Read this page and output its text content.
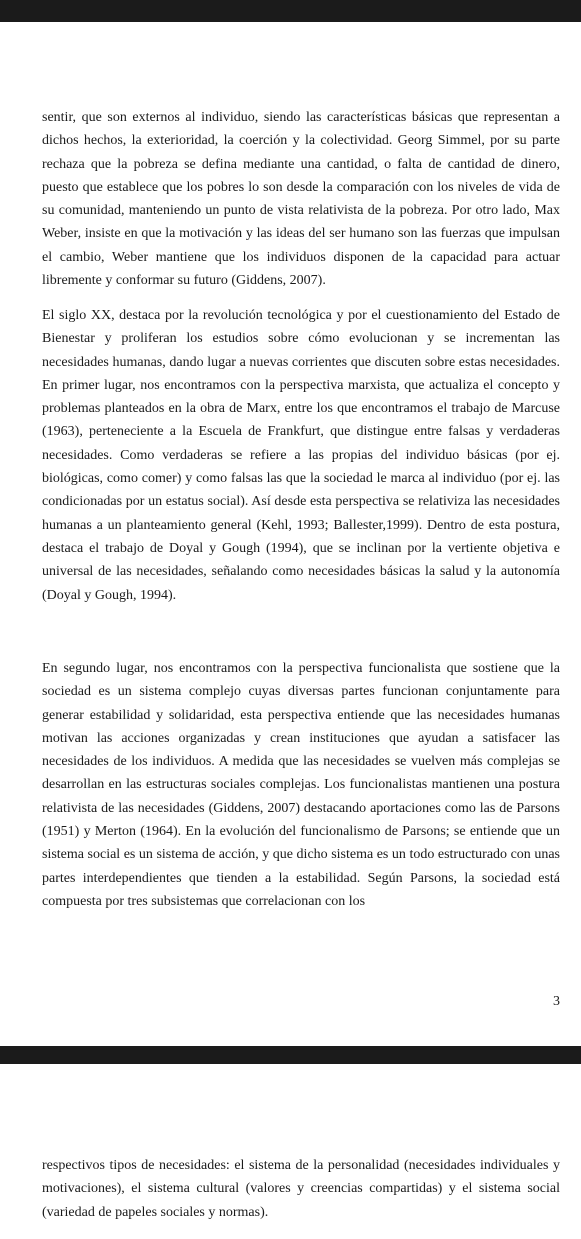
sentir, que son externos al individuo, siendo las características básicas que representan a dichos hechos, la exterioridad, la coerción y la colectividad. Georg Simmel, por su parte rechaza que la pobreza se defina mediante una cantidad, o falta de cantidad de dinero, puesto que establece que los pobres lo son desde la comparación con los niveles de vida de su comunidad, manteniendo un punto de vista relativista de la pobreza. Por otro lado, Max Weber, insiste en que la motivación y las ideas del ser humano son las fuerzas que impulsan el cambio, Weber mantiene que los individuos disponen de la capacidad para actuar libremente y conformar su futuro (Giddens, 2007).

El siglo XX, destaca por la revolución tecnológica y por el cuestionamiento del Estado de Bienestar y proliferan los estudios sobre cómo evolucionan y se incrementan las necesidades humanas, dando lugar a nuevas corrientes que discuten sobre estas necesidades. En primer lugar, nos encontramos con la perspectiva marxista, que actualiza el concepto y problemas planteados en la obra de Marx, entre los que encontramos el trabajo de Marcuse (1963), perteneciente a la Escuela de Frankfurt, que distingue entre falsas y verdaderas necesidades. Como verdaderas se refiere a las propias del individuo básicas (por ej. biológicas, como comer) y como falsas las que la sociedad le marca al individuo (por ej. las condicionadas por un estatus social). Así desde esta perspectiva se relativiza las necesidades humanas a un planteamiento general (Kehl, 1993; Ballester,1999). Dentro de esta postura, destaca el trabajo de Doyal y Gough (1994), que se inclinan por la vertiente objetiva e universal de las necesidades, señalando como necesidades básicas la salud y la autonomía (Doyal y Gough, 1994).

En segundo lugar, nos encontramos con la perspectiva funcionalista que sostiene que la sociedad es un sistema complejo cuyas diversas partes funcionan conjuntamente para generar estabilidad y solidaridad, esta perspectiva entiende que las necesidades humanas motivan las acciones organizadas y crean instituciones que ayudan a satisfacer las necesidades de los individuos. A medida que las necesidades se vuelven más complejas se desarrollan en las estructuras sociales complejas. Los funcionalistas mantienen una postura relativista de las necesidades (Giddens, 2007) destacando aportaciones como las de Parsons (1951) y Merton (1964). En la evolución del funcionalismo de Parsons; se entiende que un sistema social es un sistema de acción, y que dicho sistema es un todo estructurado con unas partes interdependientes que tienden a la estabilidad. Según Parsons, la sociedad está compuesta por tres subsistemas que correlacionan con los

3

respectivos tipos de necesidades: el sistema de la personalidad (necesidades individuales y motivaciones), el sistema cultural (valores y creencias compartidas) y el sistema social (variedad de papeles sociales y normas).
